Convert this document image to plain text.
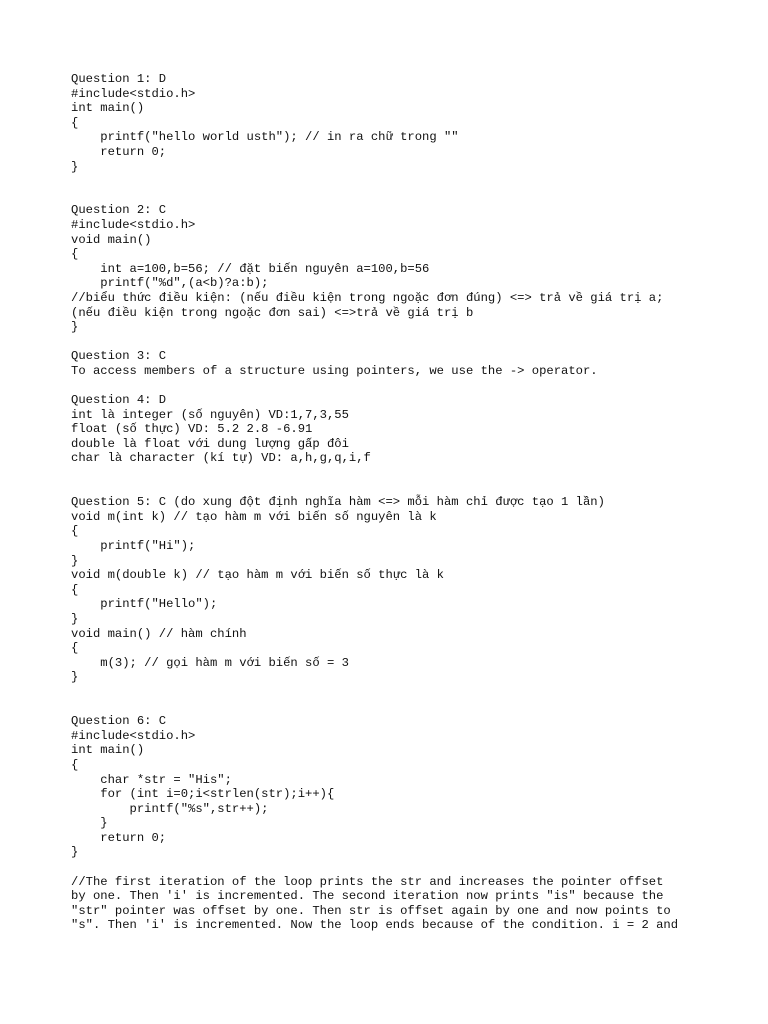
Question 1: D
#include<stdio.h>
int main()
{
printf("hello world usth"); // in ra chữ trong ""
return 0;
}
Question 2: C
#include<stdio.h>
void main()
{
int a=100,b=56; // đặt biến nguyên a=100,b=56
printf("%d",(a<b)?a:b);
//biểu thức điều kiện: (nếu điều kiện trong ngoặc đơn đúng) <=> trả về giá trị a;
(nếu điều kiện trong ngoặc đơn sai) <=>trả về giá trị b
}
Question 3: C
To access members of a structure using pointers, we use the -> operator.
Question 4: D
int là integer (số nguyên) VD:1,7,3,55
float (số thực) VD: 5.2 2.8 -6.91
double là float với dung lượng gấp đôi
char là character (kí tự) VD: a,h,g,q,i,f
Question 5: C (do xung đột định nghĩa hàm <=> mỗi hàm chỉ được tạo 1 lần)
void m(int k) // tạo hàm m với biến số nguyên là k
{
printf("Hi");
}
void m(double k) // tạo hàm m với biến số thực là k
{
printf("Hello");
}
void main() // hàm chính
{
m(3); // gọi hàm m với biến số = 3
}
Question 6: C
#include<stdio.h>
int main()
{
char *str = "His";
for (int i=0;i<strlen(str);i++){
printf("%s",str++);
}
return 0;
}
//The first iteration of the loop prints the str and increases the pointer offset
by one. Then 'i' is incremented. The second iteration now prints "is" because the
"str" pointer was offset by one. Then str is offset again by one and now points to
"s". Then 'i' is incremented. Now the loop ends because of the condition. i = 2 and
